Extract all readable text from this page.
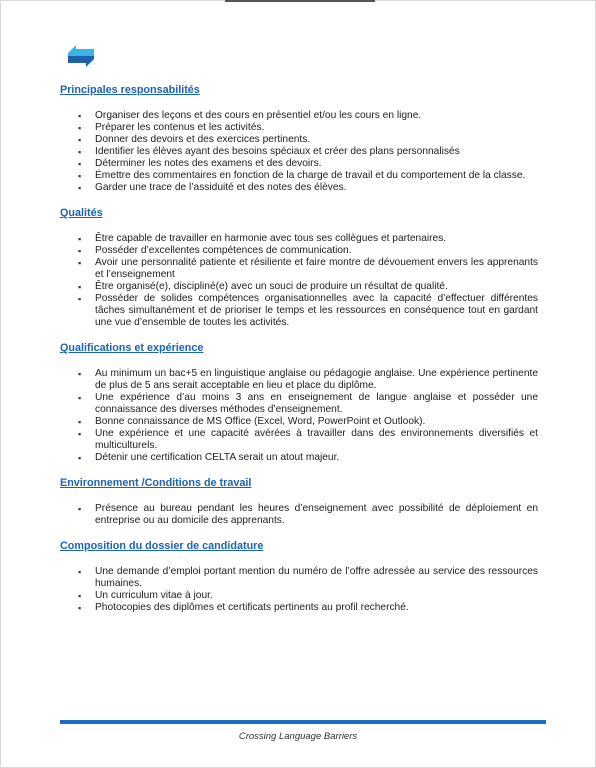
Principales responsabilités
▪ Organiser des leçons et des cours en présentiel et/ou les cours en ligne.
▪ Préparer les contenus et les activités.
▪ Donner des devoirs et des exercices pertinents.
▪ Identifier les élèves ayant des besoins spéciaux et créer des plans personnalisés
▪ Déterminer les notes des examens et des devoirs.
▪ Émettre des commentaires en fonction de la charge de travail et du comportement de la classe.
▪ Garder une trace de l’assiduité et des notes des élèves.
Qualités
▪ Être capable de travailler en harmonie avec tous ses collègues et partenaires.
▪ Posséder d’excellentes compétences de communication.
▪ Avoir une personnalité patiente et résiliente et faire montre de dévouement envers les apprenants et l’enseignement
▪ Être organisé(e), discipliné(e) avec un souci de produire un résultat de qualité.
▪ Posséder de solides compétences organisationnelles avec la capacité d’effectuer différentes tâches simultanément et de prioriser le temps et les ressources en conséquence tout en gardant une vue d’ensemble de toutes les activités.
Qualifications et expérience
▪ Au minimum un bac+5 en linguistique anglaise ou pédagogie anglaise. Une expérience pertinente de plus de 5 ans serait acceptable en lieu et place du diplôme.
▪ Une expérience d’au moins 3 ans en enseignement de langue anglaise et posséder une connaissance des diverses méthodes d’enseignement.
▪ Bonne connaissance de MS Office (Excel, Word, PowerPoint et Outlook).
▪ Une expérience et une capacité avérées à travailler dans des environnements diversifiés et multiculturels.
▪ Détenir une certification CELTA serait un atout majeur.
Environnement /Conditions de travail
▪ Présence au bureau pendant les heures d’enseignement avec possibilité de déploiement en entreprise ou au domicile des apprenants.
Composition du dossier de candidature
▪ Une demande d’emploi portant mention du numéro de l’offre adressée au service des ressources humaines.
▪ Un curriculum vitae à jour.
▪ Photocopies des diplômes et certificats pertinents au profil recherché.
Crossing Language Barriers
